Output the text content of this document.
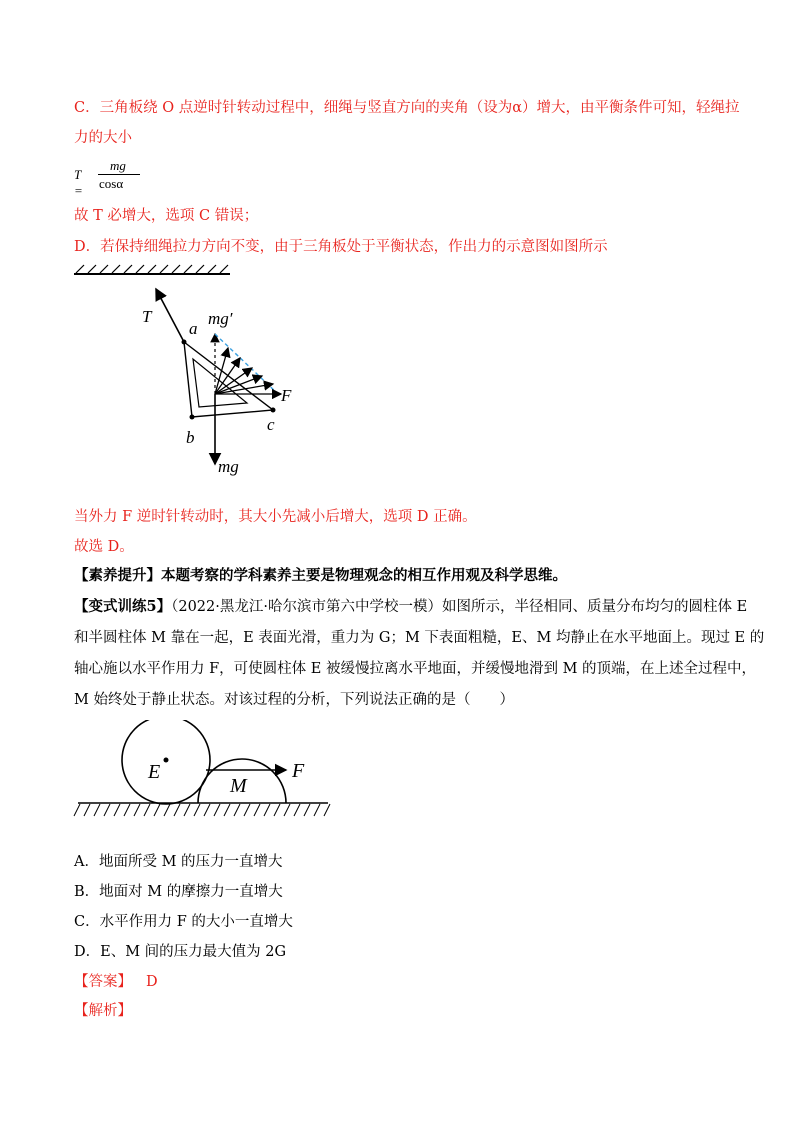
C．三角板绕 O 点逆时针转动过程中，细绳与竖直方向的夹角（设为α）增大，由平衡条件可知，轻绳拉
力的大小
T =
mg
cosα
故 T 必增大，选项 C 错误；
D．若保持细绳拉力方向不变，由于三角板处于平衡状态，作出力的示意图如图所示
T
a
mg′
F
b
c
mg
当外力 F 逆时针转动时，其大小先减小后增大，选项 D 正确。
故选 D。
【素养提升】本题考察的学科素养主要是物理观念的相互作用观及科学思维。
【变式训练5】（2022·黑龙江·哈尔滨市第六中学校一模）如图所示，半径相同、质量分布均匀的圆柱体 E
和半圆柱体 M 靠在一起，E 表面光滑，重力为 G；M 下表面粗糙，E、M 均静止在水平地面上。现过 E 的
轴心施以水平作用力 F，可使圆柱体 E 被缓慢拉离水平地面，并缓慢地滑到 M 的顶端，在上述全过程中，
M 始终处于静止状态。对该过程的分析，下列说法正确的是（　　）
E
M
F
A．地面所受 M 的压力一直增大
B．地面对 M 的摩擦力一直增大
C．水平作用力 F 的大小一直增大
D．E、M 间的压力最大值为 2G
【答案】 D
【解析】
